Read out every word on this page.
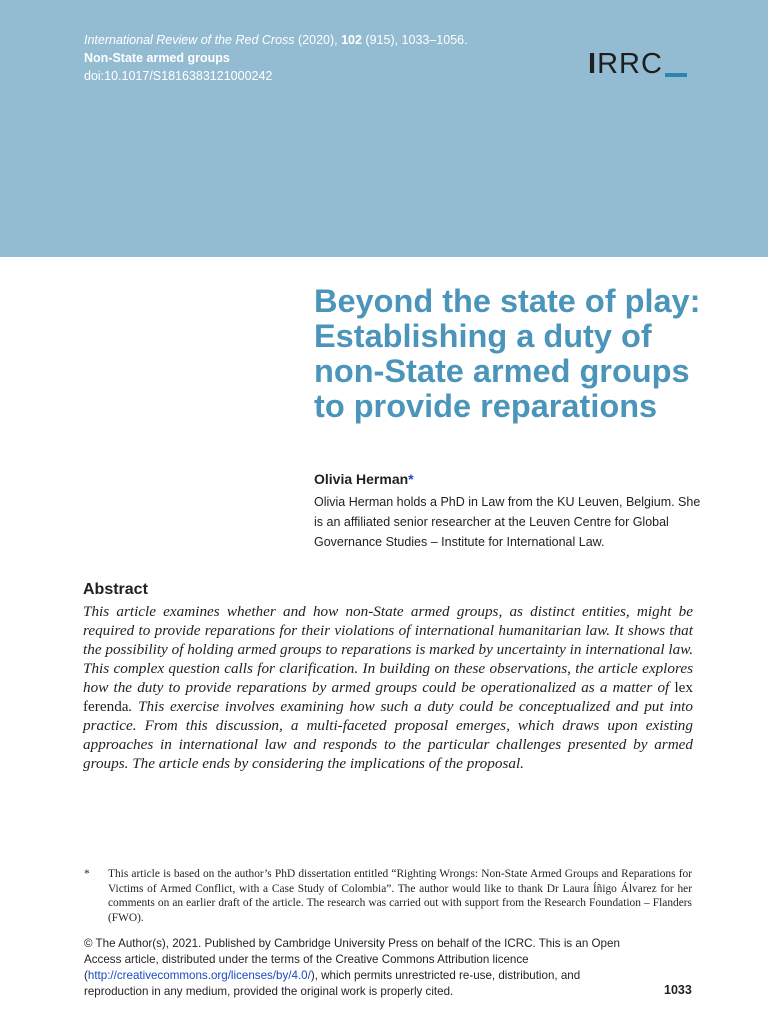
International Review of the Red Cross (2020), 102 (915), 1033–1056.
Non-State armed groups
doi:10.1017/S1816383121000242	IRRC
Beyond the state of play: Establishing a duty of non-State armed groups to provide reparations
Olivia Herman*
Olivia Herman holds a PhD in Law from the KU Leuven, Belgium. She is an affiliated senior researcher at the Leuven Centre for Global Governance Studies – Institute for International Law.
Abstract

This article examines whether and how non-State armed groups, as distinct entities, might be required to provide reparations for their violations of international humanitarian law. It shows that the possibility of holding armed groups to reparations is marked by uncertainty in international law. This complex question calls for clarification. In building on these observations, the article explores how the duty to provide reparations by armed groups could be operationalized as a matter of lex ferenda. This exercise involves examining how such a duty could be conceptualized and put into practice. From this discussion, a multi-faceted proposal emerges, which draws upon existing approaches in international law and responds to the particular challenges presented by armed groups. The article ends by considering the implications of the proposal.

* This article is based on the author’s PhD dissertation entitled “Righting Wrongs: Non-State Armed Groups and Reparations for Victims of Armed Conflict, with a Case Study of Colombia”. The author would like to thank Dr Laura Íñigo Álvarez for her comments on an earlier draft of the article. The research was carried out with support from the Research Foundation – Flanders (FWO).
© The Author(s), 2021. Published by Cambridge University Press on behalf of the ICRC. This is an Open Access article, distributed under the terms of the Creative Commons Attribution licence (http://creativecommons.org/licenses/by/4.0/), which permits unrestricted re-use, distribution, and reproduction in any medium, provided the original work is properly cited.	1033
